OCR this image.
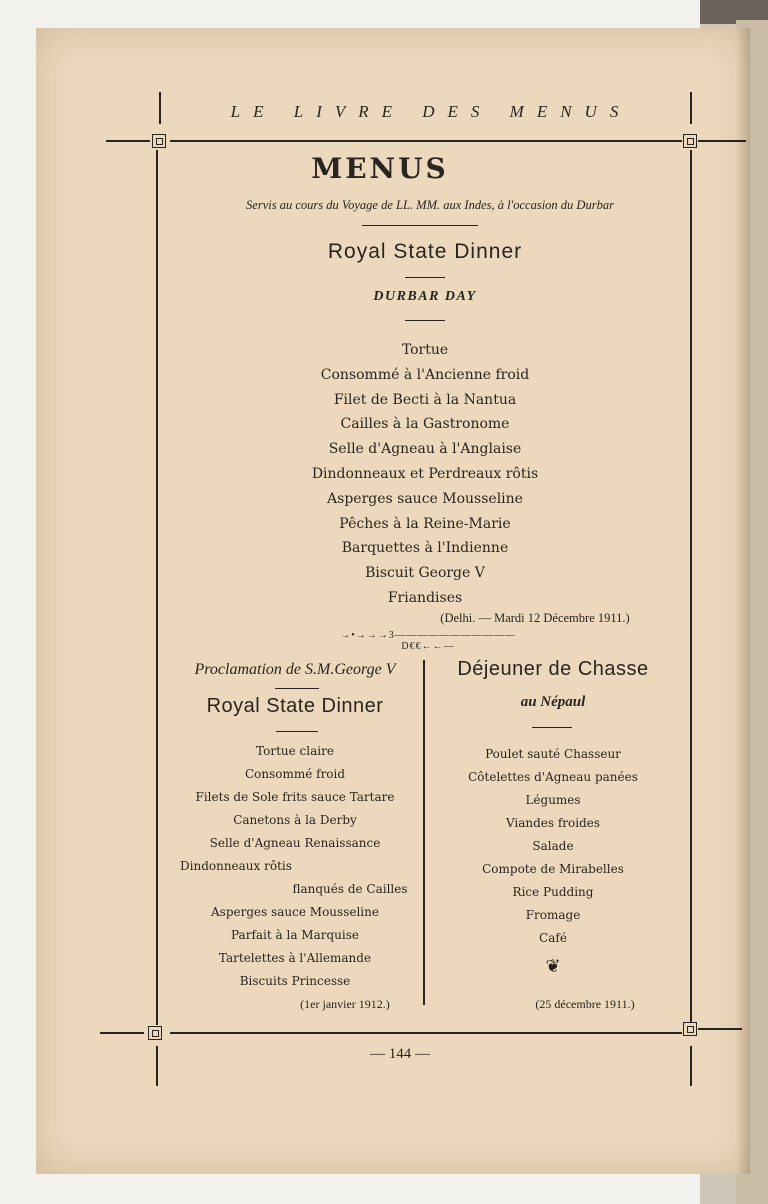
LE LIVRE DES MENUS
MENUS
Servis au cours du Voyage de LL. MM. aux Indes, à l'occasion du Durbar
Royal State Dinner
DURBAR DAY
Tortue
Consommé à l'Ancienne froid
Filet de Becti à la Nantua
Cailles à la Gastronome
Selle d'Agneau à l'Anglaise
Dindonneaux et Perdreaux rôtis
Asperges sauce Mousseline
Pêches à la Reine-Marie
Barquettes à l'Indienne
Biscuit George V
Friandises
(Delhi. — Mardi 12 Décembre 1911.)
→•→→→3———————————D€€←←—
Proclamation de S.M.George V
Royal State Dinner
Tortue claire
Consommé froid
Filets de Sole frits sauce Tartare
Canetons à la Derby
Selle d'Agneau Renaissance
Dindonneaux rôtis
flanqués de Cailles
Asperges sauce Mousseline
Parfait à la Marquise
Tartelettes à l'Allemande
Biscuits Princesse
(1er janvier 1912.)
Déjeuner de Chasse
au Népaul
Poulet sauté Chasseur
Côtelettes d'Agneau panées
Légumes
Viandes froides
Salade
Compote de Mirabelles
Rice Pudding
Fromage
Café
❦
(25 décembre 1911.)
— 144 —
